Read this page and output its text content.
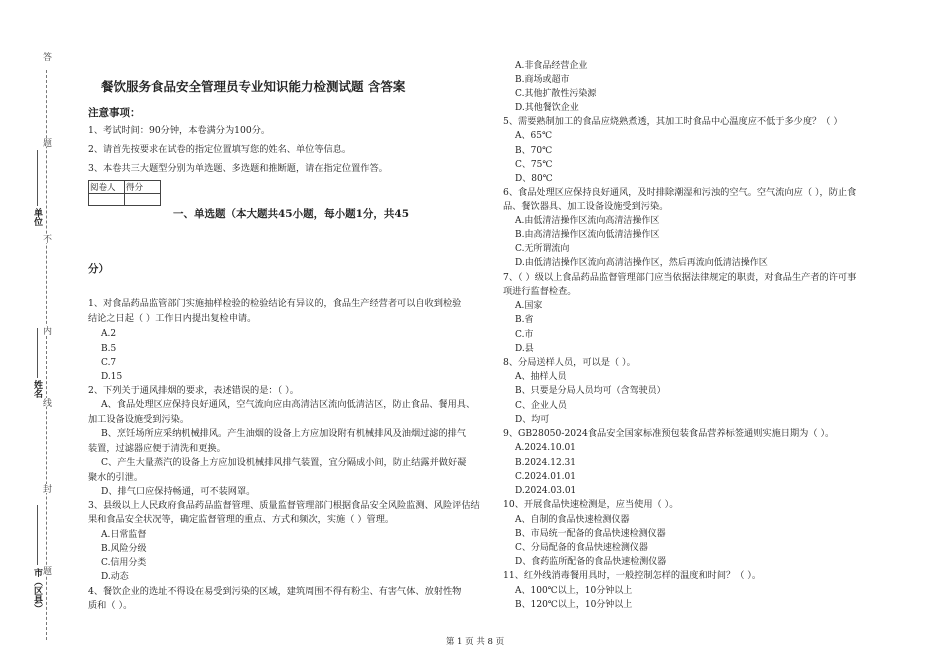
答
题
不
内
线
封
题
单位
姓名
市（区县）
餐饮服务食品安全管理员专业知识能力检测试题 含答案
注意事项：
1、考试时间：90分钟，本卷满分为100分。
2、请首先按要求在试卷的指定位置填写您的姓名、单位等信息。
3、本卷共三大题型分别为单选题、多选题和推断题，请在指定位置作答。
阅卷人	得分

一、单选题（本大题共45小题，每小题1分，共45
分）
1、对食品药品监管部门实施抽样检验的检验结论有异议的，食品生产经营者可以自收到检验
结论之日起（ ）工作日内提出复检申请。
A.2
B.5
C.7
D.15
2、下列关于通风排烟的要求，表述错误的是：（ ）。
A、食品处理区应保持良好通风，空气流向应由高清洁区流向低清洁区，防止食品、餐用具、
加工设备设施受到污染。
B、烹饪场所应采纳机械排风。产生油烟的设备上方应加设附有机械排风及油烟过滤的排气
装置，过滤器应便于清洗和更换。
C、产生大量蒸汽的设备上方应加设机械排风排气装置，宜分隔成小间，防止结露并做好凝
聚水的引泄。
D、排气口应保持畅通，可不装网罩。
3、县级以上人民政府食品药品监督管理、质量监督管理部门根据食品安全风险监测、风险评估结
果和食品安全状况等，确定监督管理的重点、方式和频次，实施（ ）管理。
A.日常监督
B.风险分级
C.信用分类
D.动态
4、餐饮企业的选址不得设在易受到污染的区域，建筑周围不得有粉尘、有害气体、放射性物
质和（ ）。
A.非食品经营企业
B.商场或超市
C.其他扩散性污染源
D.其他餐饮企业
5、需要熟制加工的食品应烧熟煮透，其加工时食品中心温度应不低于多少度？（ ）
A、65℃
B、70℃
C、75℃
D、80℃
6、食品处理区应保持良好通风，及时排除潮湿和污浊的空气。空气流向应（ ），防止食
品、餐饮器具、加工设备设施受到污染。
A.由低清洁操作区流向高清洁操作区
B.由高清洁操作区流向低清洁操作区
C.无所谓流向
D.由低清洁操作区流向高清洁操作区，然后再流向低清洁操作区
7、（ ）级以上食品药品监督管理部门应当依据法律规定的职责，对食品生产者的许可事
项进行监督检查。
A.国家
B.省
C.市
D.县
8、分局送样人员，可以是（ ）。
A、抽样人员
B、只要是分局人员均可（含驾驶员）
C、企业人员
D、均可
9、GB28050-2024食品安全国家标准预包装食品营养标签通则实施日期为（ ）。
A.2024.10.01
B.2024.12.31
C.2024.01.01
D.2024.03.01
10、开展食品快速检测是，应当使用（ ）。
A、自制的食品快速检测仪器
B、市局统一配备的食品快速检测仪器
C、分局配备的食品快速检测仪器
D、食药监所配备的食品快速检测仪器
11、红外线消毒餐用具时，一般控制怎样的温度和时间？（ ）。
A、100℃以上，10分钟以上
B、120℃以上，10分钟以上
第 1 页 共 8 页
